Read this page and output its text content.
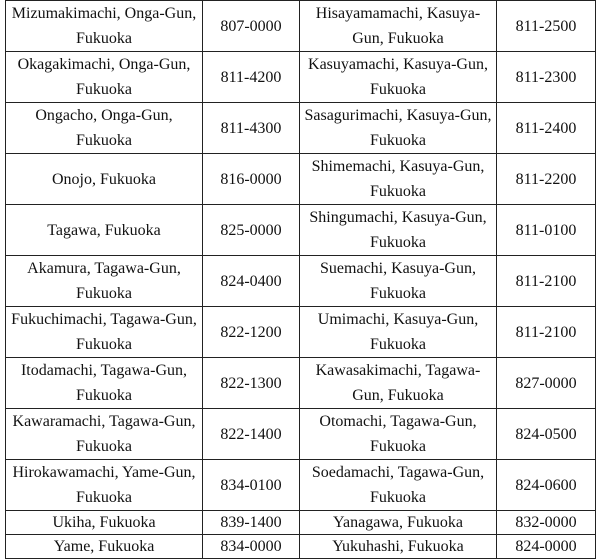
Mizumakimachi, Onga-Gun, Fukuoka	807-0000	Hisayamamachi, Kasuya-Gun, Fukuoka	811-2500
Okagakimachi, Onga-Gun, Fukuoka	811-4200	Kasuyamachi, Kasuya-Gun, Fukuoka	811-2300
Ongacho, Onga-Gun, Fukuoka	811-4300	Sasagurimachi, Kasuya-Gun, Fukuoka	811-2400
Onojo, Fukuoka	816-0000	Shimemachi, Kasuya-Gun, Fukuoka	811-2200
Tagawa, Fukuoka	825-0000	Shingumachi, Kasuya-Gun, Fukuoka	811-0100
Akamura, Tagawa-Gun, Fukuoka	824-0400	Suemachi, Kasuya-Gun, Fukuoka	811-2100
Fukuchimachi, Tagawa-Gun, Fukuoka	822-1200	Umimachi, Kasuya-Gun, Fukuoka	811-2100
Itodamachi, Tagawa-Gun, Fukuoka	822-1300	Kawasakimachi, Tagawa-Gun, Fukuoka	827-0000
Kawaramachi, Tagawa-Gun, Fukuoka	822-1400	Otomachi, Tagawa-Gun, Fukuoka	824-0500
Hirokawamachi, Yame-Gun, Fukuoka	834-0100	Soedamachi, Tagawa-Gun, Fukuoka	824-0600
Ukiha, Fukuoka	839-1400	Yanagawa, Fukuoka	832-0000
Yame, Fukuoka	834-0000	Yukuhashi, Fukuoka	824-0000
